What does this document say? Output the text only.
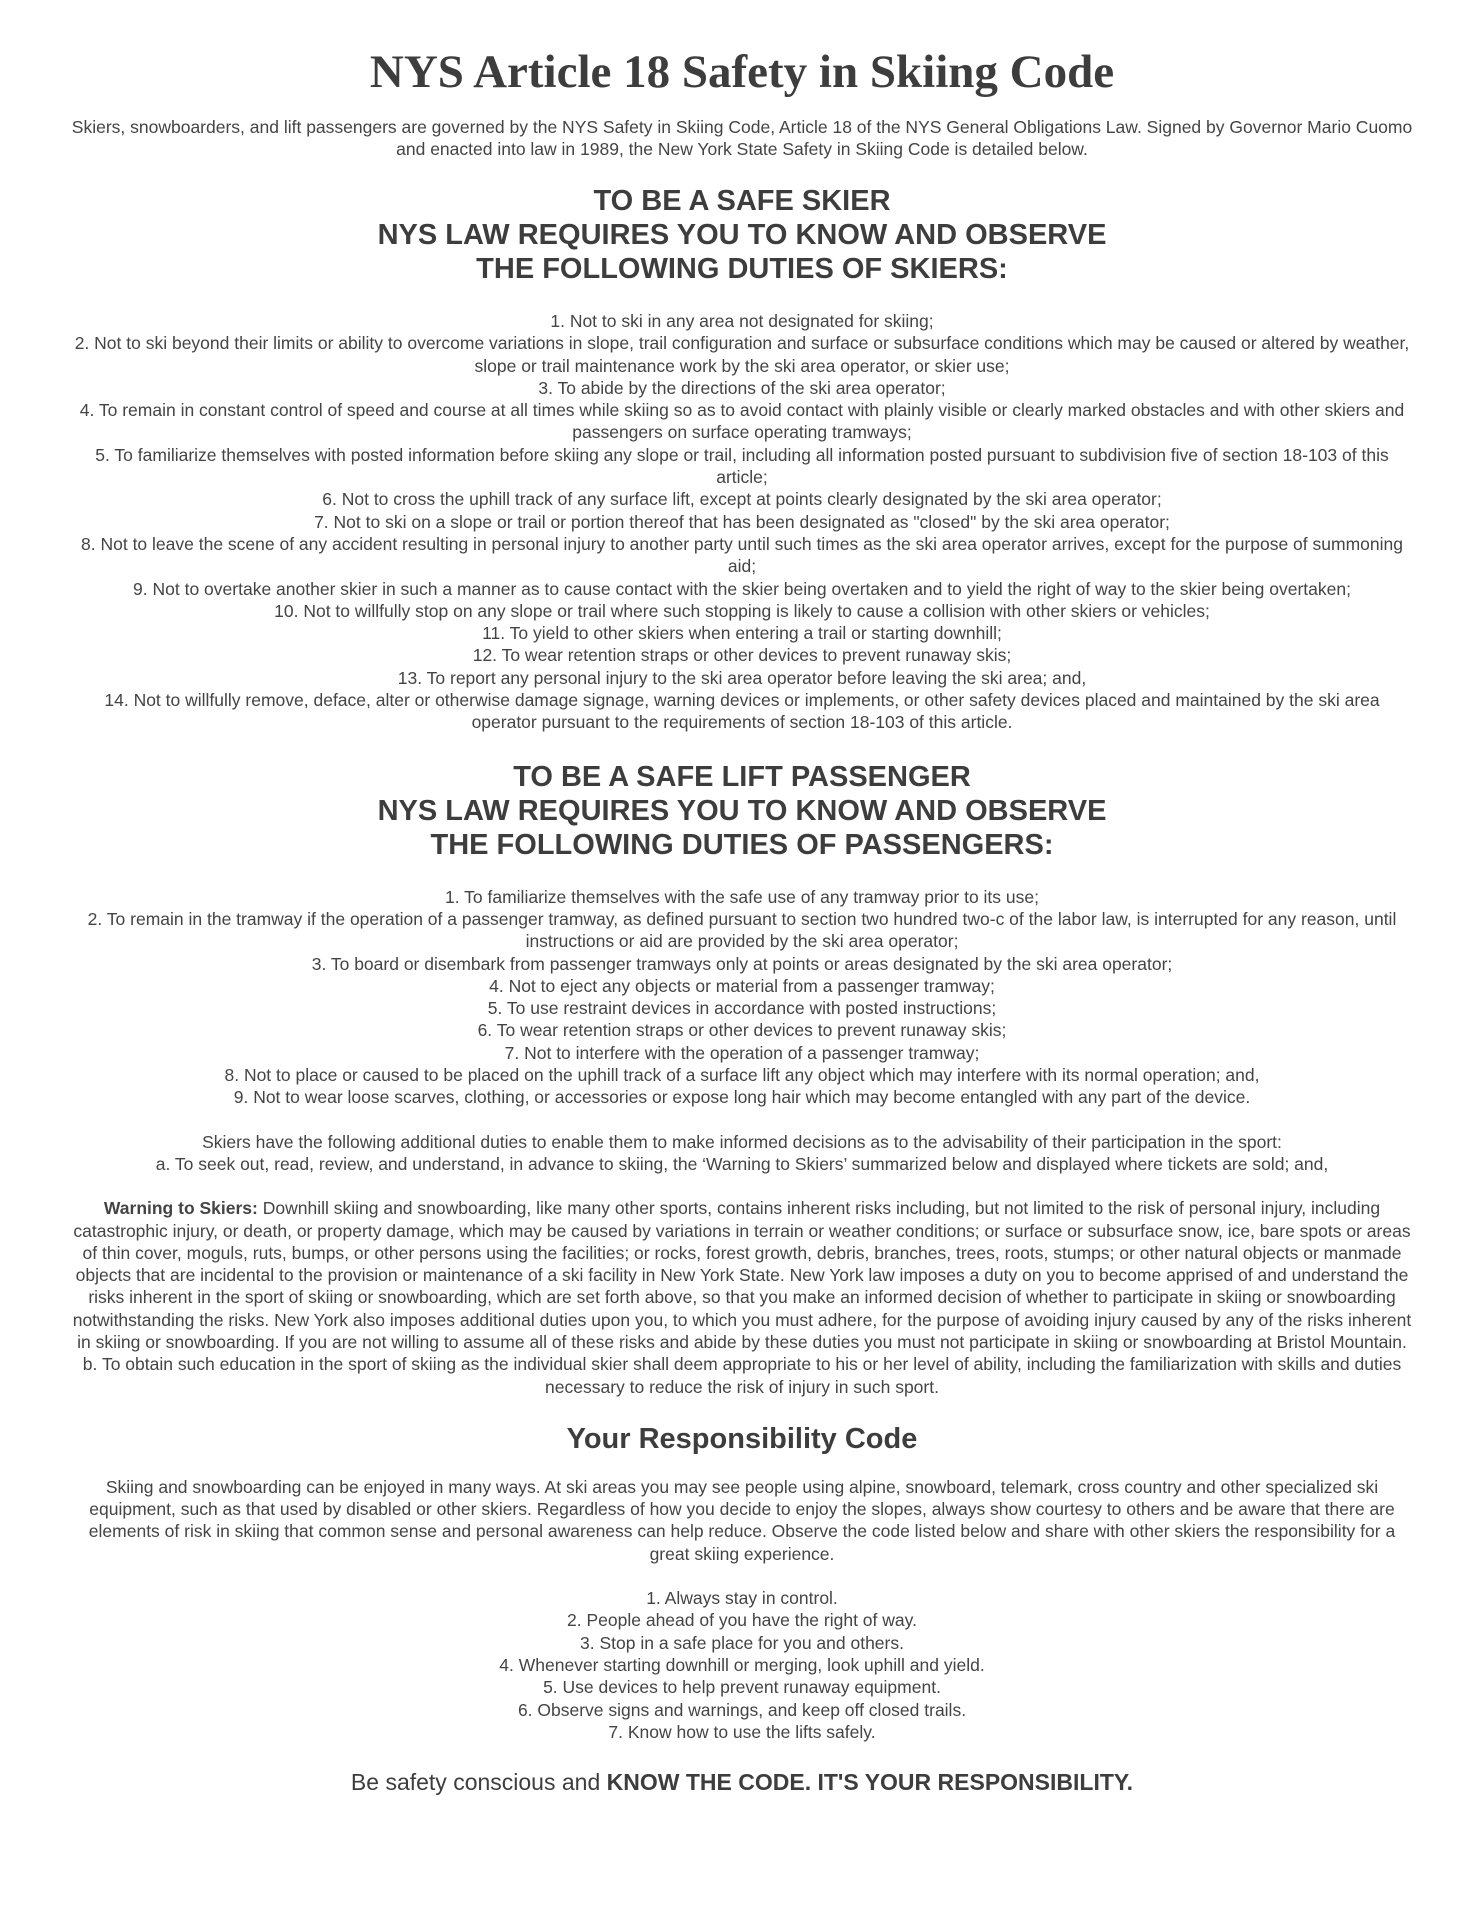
NYS Article 18 Safety in Skiing Code

Skiers, snowboarders, and lift passengers are governed by the NYS Safety in Skiing Code, Article 18 of the NYS General Obligations Law. Signed by Governor Mario Cuomo and enacted into law in 1989, the New York State Safety in Skiing Code is detailed below.

TO BE A SAFE SKIER
NYS LAW REQUIRES YOU TO KNOW AND OBSERVE
THE FOLLOWING DUTIES OF SKIERS:
1. Not to ski in any area not designated for skiing;
2. Not to ski beyond their limits or ability to overcome variations in slope, trail configuration and surface or subsurface conditions which may be caused or altered by weather, slope or trail maintenance work by the ski area operator, or skier use;
3. To abide by the directions of the ski area operator;
4. To remain in constant control of speed and course at all times while skiing so as to avoid contact with plainly visible or clearly marked obstacles and with other skiers and passengers on surface operating tramways;
5. To familiarize themselves with posted information before skiing any slope or trail, including all information posted pursuant to subdivision five of section 18-103 of this article;
6. Not to cross the uphill track of any surface lift, except at points clearly designated by the ski area operator;
7. Not to ski on a slope or trail or portion thereof that has been designated as "closed" by the ski area operator;
8. Not to leave the scene of any accident resulting in personal injury to another party until such times as the ski area operator arrives, except for the purpose of summoning aid;
9. Not to overtake another skier in such a manner as to cause contact with the skier being overtaken and to yield the right of way to the skier being overtaken;
10. Not to willfully stop on any slope or trail where such stopping is likely to cause a collision with other skiers or vehicles;
11. To yield to other skiers when entering a trail or starting downhill;
12. To wear retention straps or other devices to prevent runaway skis;
13. To report any personal injury to the ski area operator before leaving the ski area; and,
14. Not to willfully remove, deface, alter or otherwise damage signage, warning devices or implements, or other safety devices placed and maintained by the ski area operator pursuant to the requirements of section 18-103 of this article.
TO BE A SAFE LIFT PASSENGER
NYS LAW REQUIRES YOU TO KNOW AND OBSERVE
THE FOLLOWING DUTIES OF PASSENGERS:
1. To familiarize themselves with the safe use of any tramway prior to its use;
2. To remain in the tramway if the operation of a passenger tramway, as defined pursuant to section two hundred two-c of the labor law, is interrupted for any reason, until instructions or aid are provided by the ski area operator;
3. To board or disembark from passenger tramways only at points or areas designated by the ski area operator;
4. Not to eject any objects or material from a passenger tramway;
5. To use restraint devices in accordance with posted instructions;
6. To wear retention straps or other devices to prevent runaway skis;
7. Not to interfere with the operation of a passenger tramway;
8. Not to place or caused to be placed on the uphill track of a surface lift any object which may interfere with its normal operation; and,
9. Not to wear loose scarves, clothing, or accessories or expose long hair which may become entangled with any part of the device.

Skiers have the following additional duties to enable them to make informed decisions as to the advisability of their participation in the sport:

a. To seek out, read, review, and understand, in advance to skiing, the ‘Warning to Skiers’ summarized below and displayed where tickets are sold; and,

Warning to Skiers: Downhill skiing and snowboarding, like many other sports, contains inherent risks including, but not limited to the risk of personal injury, including catastrophic injury, or death, or property damage, which may be caused by variations in terrain or weather conditions; or surface or subsurface snow, ice, bare spots or areas of thin cover, moguls, ruts, bumps, or other persons using the facilities; or rocks, forest growth, debris, branches, trees, roots, stumps; or other natural objects or manmade objects that are incidental to the provision or maintenance of a ski facility in New York State. New York law imposes a duty on you to become apprised of and understand the risks inherent in the sport of skiing or snowboarding, which are set forth above, so that you make an informed decision of whether to participate in skiing or snowboarding notwithstanding the risks. New York also imposes additional duties upon you, to which you must adhere, for the purpose of avoiding injury caused by any of the risks inherent in skiing or snowboarding. If you are not willing to assume all of these risks and abide by these duties you must not participate in skiing or snowboarding at Bristol Mountain.

b. To obtain such education in the sport of skiing as the individual skier shall deem appropriate to his or her level of ability, including the familiarization with skills and duties necessary to reduce the risk of injury in such sport.

Your Responsibility Code

Skiing and snowboarding can be enjoyed in many ways. At ski areas you may see people using alpine, snowboard, telemark, cross country and other specialized ski equipment, such as that used by disabled or other skiers. Regardless of how you decide to enjoy the slopes, always show courtesy to others and be aware that there are elements of risk in skiing that common sense and personal awareness can help reduce. Observe the code listed below and share with other skiers the responsibility for a great skiing experience.

1. Always stay in control.
2. People ahead of you have the right of way.
3. Stop in a safe place for you and others.
4. Whenever starting downhill or merging, look uphill and yield.
5. Use devices to help prevent runaway equipment.
6. Observe signs and warnings, and keep off closed trails.
7. Know how to use the lifts safely.

Be safety conscious and KNOW THE CODE. IT'S YOUR RESPONSIBILITY.
